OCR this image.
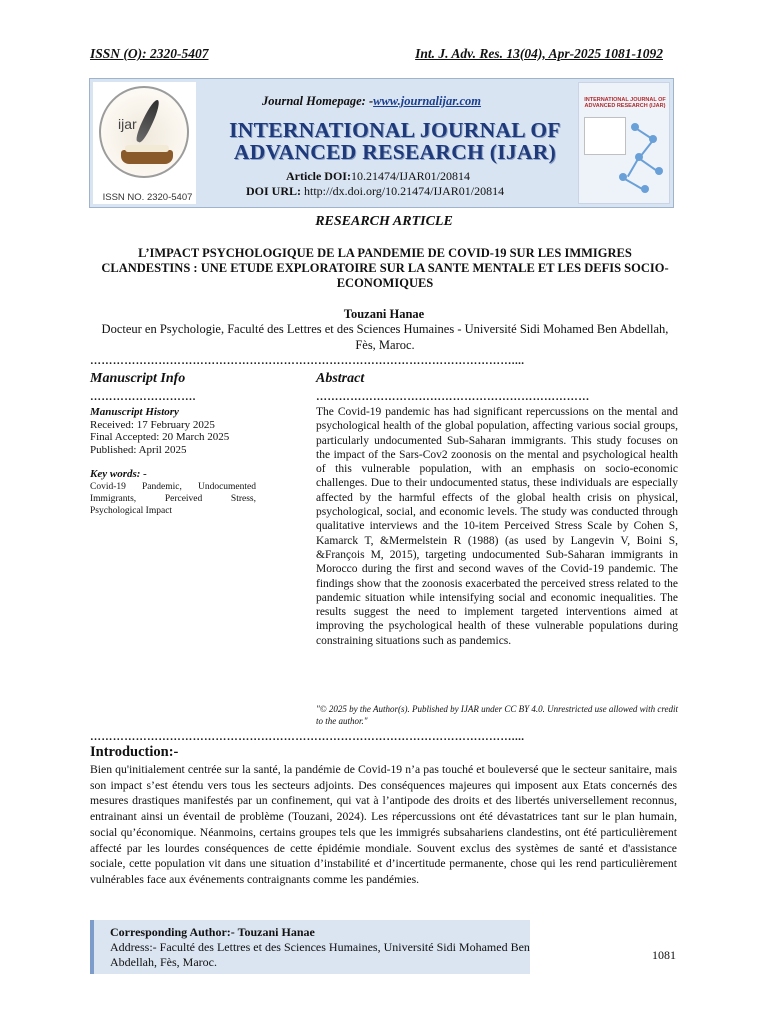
ISSN (O): 2320-5407	Int. J. Adv. Res. 13(04), Apr-2025 1081-1092
ijar
ISSN NO. 2320-5407
Journal Homepage: -www.journalijar.com
INTERNATIONAL JOURNAL OF ADVANCED RESEARCH (IJAR)
Article DOI:10.21474/IJAR01/20814
DOI URL: http://dx.doi.org/10.21474/IJAR01/20814
INTERNATIONAL JOURNAL OF ADVANCED RESEARCH (IJAR)
RESEARCH ARTICLE
L’IMPACT PSYCHOLOGIQUE DE LA PANDEMIE DE COVID-19 SUR LES IMMIGRES CLANDESTINS : UNE ETUDE EXPLORATOIRE SUR LA SANTE MENTALE ET LES DEFIS SOCIO-ECONOMIQUES
Touzani Hanae
Docteur en Psychologie, Faculté des Lettres et des Sciences Humaines - Université Sidi Mohamed Ben Abdellah, Fès, Maroc.
…………………………………………………………………………………………………....
Manuscript Info	Abstract
……………………….	………………………………………………………………
Manuscript History
Received: 17 February 2025
Final Accepted: 20 March 2025
Published: April 2025
Key words: -
Covid-19 Pandemic, Undocumented Immigrants, Perceived Stress, Psychological Impact
The Covid-19 pandemic has had significant repercussions on the mental and psychological health of the global population, affecting various social groups, particularly undocumented Sub-Saharan immigrants. This study focuses on the impact of the Sars-Cov2 zoonosis on the mental and psychological health of this vulnerable population, with an emphasis on socio-economic challenges. Due to their undocumented status, these individuals are especially affected by the harmful effects of the global health crisis on physical, psychological, social, and economic levels. The study was conducted through qualitative interviews and the 10-item Perceived Stress Scale by Cohen S, Kamarck T, &Mermelstein R (1988) (as used by Langevin V, Boini S, &François M, 2015), targeting undocumented Sub-Saharan immigrants in Morocco during the first and second waves of the Covid-19 pandemic. The findings show that the zoonosis exacerbated the perceived stress related to the pandemic situation while intensifying social and economic inequalities. The results suggest the need to implement targeted interventions aimed at improving the psychological health of these vulnerable populations during constraining situations such as pandemics.
"© 2025 by the Author(s). Published by IJAR under CC BY 4.0. Unrestricted use allowed with credit to the author."
…………………………………………………………………………………………………....
Introduction:-
Bien qu'initialement centrée sur la santé, la pandémie de Covid-19 n’a pas touché et bouleversé que le secteur sanitaire, mais son impact s’est étendu vers tous les secteurs adjoints. Des conséquences majeures qui imposent aux Etats concernés des mesures drastiques manifestés par un confinement, qui vat à l’antipode des droits et des libertés universellement reconnus, entrainant ainsi un éventail de problème (Touzani, 2024). Les répercussions ont été dévastatrices tant sur le plan humain, social qu’économique. Néanmoins, certains groupes tels que les immigrés subsahariens clandestins, ont été particulièrement affecté par les lourdes conséquences de cette épidémie mondiale. Souvent exclus des systèmes de santé et d'assistance sociale, cette population vit dans une situation d’instabilité et d’incertitude permanente, chose qui les rend particulièrement vulnérables face aux événements contraignants comme les pandémies.
Corresponding Author:- Touzani Hanae
Address:- Faculté des Lettres et des Sciences Humaines, Université Sidi Mohamed Ben Abdellah, Fès, Maroc.	1081
